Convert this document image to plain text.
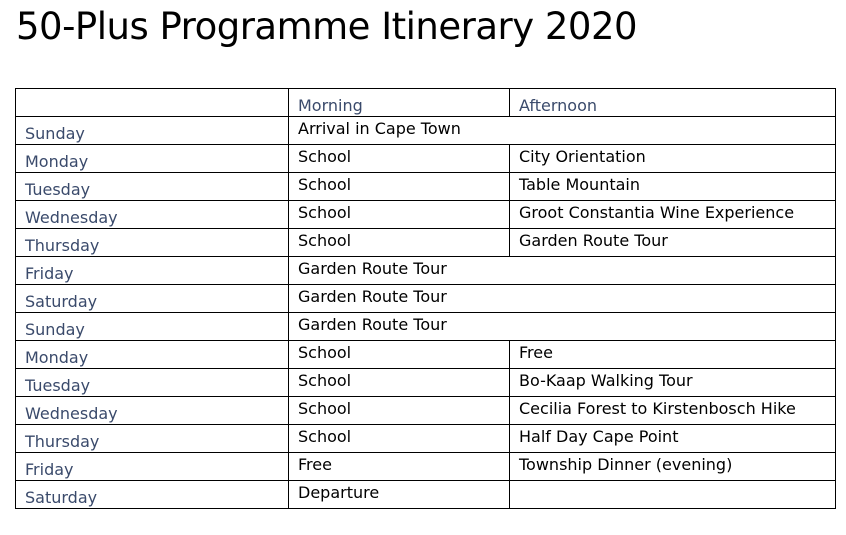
50-Plus Programme Itinerary 2020
	Morning	Afternoon
Sunday	Arrival in Cape Town	
Monday	School	City Orientation
Tuesday	School	Table Mountain
Wednesday	School	Groot Constantia Wine Experience
Thursday	School	Garden Route Tour
Friday	Garden Route Tour	
Saturday	Garden Route Tour	
Sunday	Garden Route Tour	
Monday	School	Free
Tuesday	School	Bo-Kaap Walking Tour
Wednesday	School	Cecilia Forest to Kirstenbosch Hike
Thursday	School	Half Day Cape Point
Friday	Free	Township Dinner (evening)
Saturday	Departure	
